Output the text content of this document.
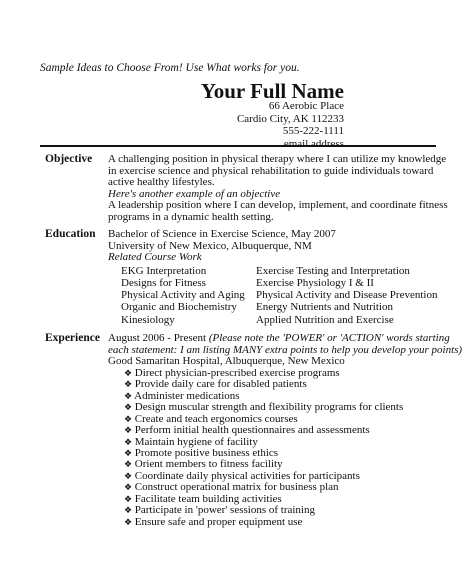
Sample Ideas to Choose From! Use What works for you.
Your Full Name
66 Aerobic Place
Cardio City, AK 112233
555-222-1111
email address
Objective A challenging position in physical therapy where I can utilize my knowledge in exercise science and physical rehabilitation to guide individuals toward active healthy lifestyles.

Here's another example of an objective

A leadership position where I can develop, implement, and coordinate fitness programs in a dynamic health setting.

Education Bachelor of Science in Exercise Science, May 2007

University of New Mexico, Albuquerque, NM

Related Course Work

EKG Interpretation	Exercise Testing and Interpretation
Designs for Fitness	Exercise Physiology I & II
Physical Activity and Aging	Physical Activity and Disease Prevention
Organic and Biochemistry	Energy Nutrients and Nutrition
Kinesiology	Applied Nutrition and Exercise
Experience August 2006 - Present (Please note the 'POWER' or 'ACTION' words starting
each statement: I am listing MANY extra points to help you develop your points)
Good Samaritan Hospital, Albuquerque, New Mexico
❖ Direct physician-prescribed exercise programs
❖ Provide daily care for disabled patients
❖ Administer medications
❖ Design muscular strength and flexibility programs for clients
❖ Create and teach ergonomics courses
❖ Perform initial health questionnaires and assessments
❖ Maintain hygiene of facility
❖ Promote positive business ethics
❖ Orient members to fitness facility
❖ Coordinate daily physical activities for participants
❖ Construct operational matrix for business plan
❖ Facilitate team building activities
❖ Participate in 'power' sessions of training
❖ Ensure safe and proper equipment use
